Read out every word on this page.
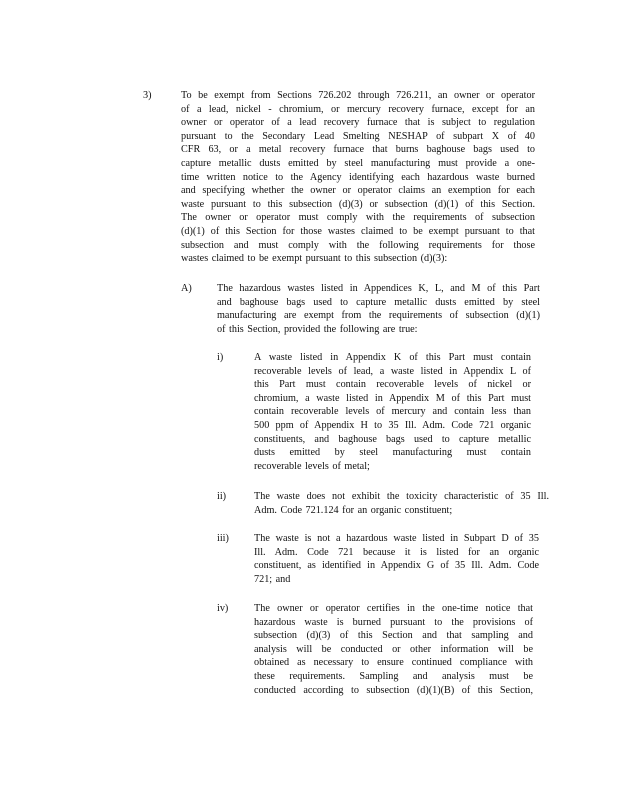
3)	To be exempt from Sections 726.202 through 726.211, an owner or operator
of a lead, nickel - chromium, or mercury recovery furnace, except for an
owner or operator of a lead recovery furnace that is subject to regulation
pursuant to the Secondary Lead Smelting NESHAP of subpart X of 40
CFR 63, or a metal recovery furnace that burns baghouse bags used to
capture metallic dusts emitted by steel manufacturing must provide a one-
time written notice to the Agency identifying each hazardous waste burned
and specifying whether the owner or operator claims an exemption for each
waste pursuant to this subsection (d)(3) or subsection (d)(1) of this Section.
The owner or operator must comply with the requirements of subsection
(d)(1) of this Section for those wastes claimed to be exempt pursuant to that
subsection and must comply with the following requirements for those
wastes claimed to be exempt pursuant to this subsection (d)(3):
A) The hazardous wastes listed in Appendices K, L, and M of this Part
and baghouse bags used to capture metallic dusts emitted by steel
manufacturing are exempt from the requirements of subsection (d)(1)
of this Section, provided the following are true:
i)	A waste listed in Appendix K of this Part must contain
recoverable levels of lead, a waste listed in Appendix L of
this Part must contain recoverable levels of nickel or
chromium, a waste listed in Appendix M of this Part must
contain recoverable levels of mercury and contain less than
500 ppm of Appendix H to 35 Ill. Adm. Code 721 organic
constituents, and baghouse bags used to capture metallic
dusts emitted by steel manufacturing must contain
recoverable levels of metal;
ii)	The waste does not exhibit the toxicity characteristic of 35 Ill.
Adm. Code 721.124 for an organic constituent;
iii) The waste is not a hazardous waste listed in Subpart D of 35
Ill. Adm. Code 721 because it is listed for an organic
constituent, as identified in Appendix G of 35 Ill. Adm. Code
721; and
iv)	The owner or operator certifies in the one-time notice that
hazardous waste is burned pursuant to the provisions of
subsection (d)(3) of this Section and that sampling and
analysis will be conducted or other information will be
obtained as necessary to ensure continued compliance with
these requirements. Sampling and analysis must be
conducted according to subsection (d)(1)(B) of this Section,
